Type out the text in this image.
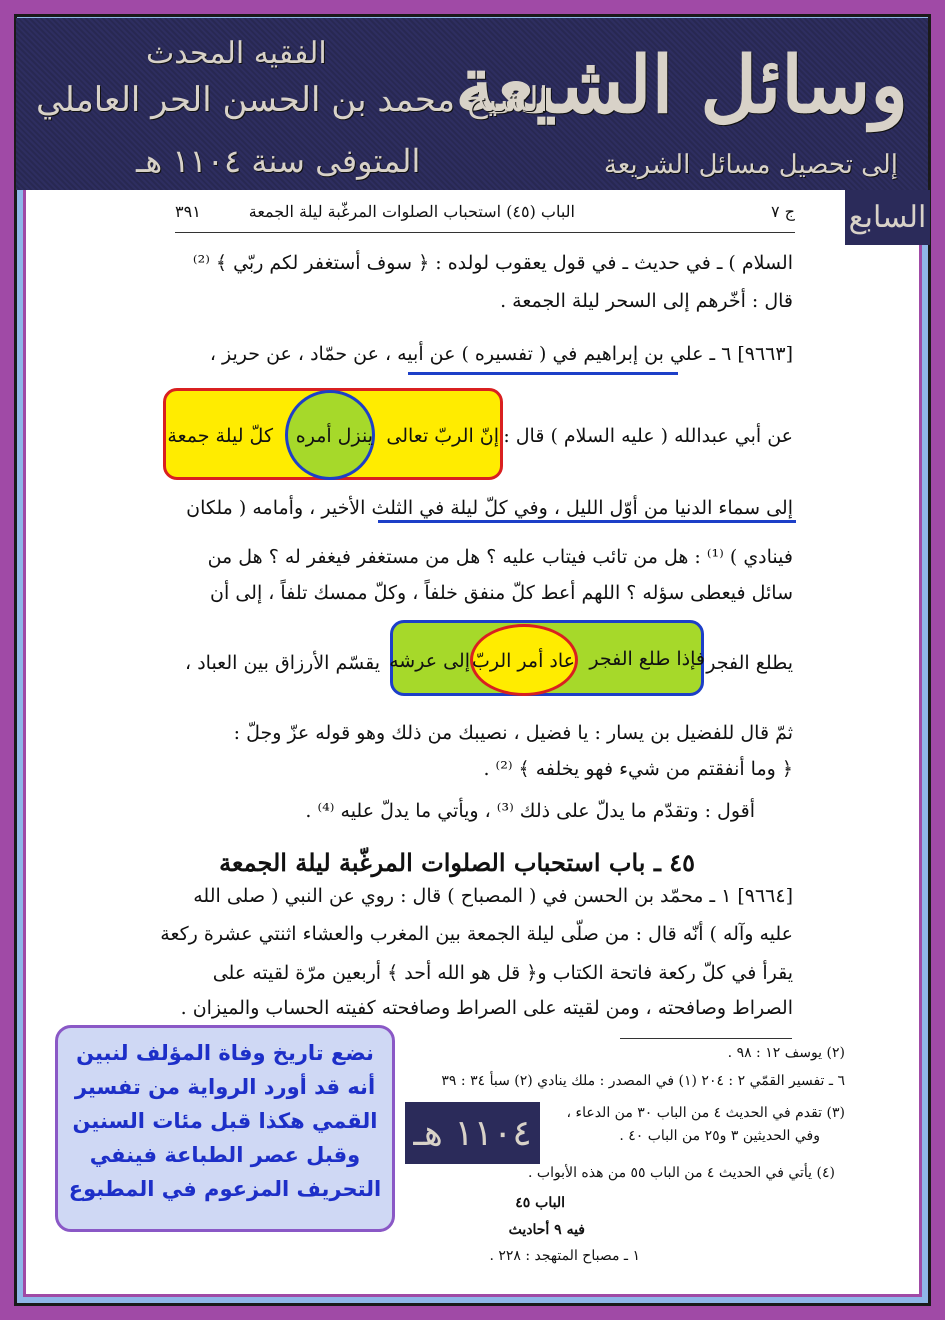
وسائل الشيعة
إلى تحصيل مسائل الشريعة
الفقيه المحدث
الشيخ محمد بن الحسن الحر العاملي
المتوفى سنة ١١٠٤ هـ
السابع
ج ٧
الباب (٤٥) استحباب الصلوات المرغّبة ليلة الجمعة
٣٩١
السلام ) ـ في حديث ـ في قول يعقوب لولده : ﴿ سوف أستغفر لكم ربّي ﴾ ⁽²⁾
قال : أخّرهم إلى السحر ليلة الجمعة .
[٩٦٦٣] ٦ ـ علي بن إبراهيم في ( تفسيره ) عن أبيه ، عن حمّاد ، عن حريز ،
عن أبي عبدالله ( عليه السلام ) قال :
إنّ الربّ تعالى
ينزل أمره
كلّ ليلة جمعة
إلى سماء الدنيا من أوّل الليل ، وفي كلّ ليلة في الثلث الأخير ، وأمامه ( ملكان
فينادي ) ⁽¹⁾ : هل من تائب فيتاب عليه ؟ هل من مستغفر فيغفر له ؟ هل من
سائل فيعطى سؤله ؟ اللهم أعط كلّ منفق خلفاً ، وكلّ ممسك تلفاً ، إلى أن
يطلع الفجر
فإذا طلع الفجر
عاد أمر الربّ
إلى عرشه
يقسّم الأرزاق بين العباد ،
ثمّ قال للفضيل بن يسار : يا فضيل ، نصيبك من ذلك وهو قوله عزّ وجلّ :
﴿ وما أنفقتم من شيء فهو يخلفه ﴾ ⁽²⁾ .
أقول : وتقدّم ما يدلّ على ذلك ⁽³⁾ ، ويأتي ما يدلّ عليه ⁽⁴⁾ .
٤٥ ـ باب استحباب الصلوات المرغّبة ليلة الجمعة
[٩٦٦٤] ١ ـ محمّد بن الحسن في ( المصباح ) قال : روي عن النبي ( صلى الله
عليه وآله ) أنّه قال : من صلّى ليلة الجمعة بين المغرب والعشاء اثنتي عشرة ركعة
يقرأ في كلّ ركعة فاتحة الكتاب و﴿ قل هو الله أحد ﴾ أربعين مرّة لقيته على
الصراط وصافحته ، ومن لقيته على الصراط وصافحته كفيته الحساب والميزان .
(٢) يوسف ١٢ : ٩٨ .
٦ ـ تفسير القمّي ٢ : ٢٠٤ (١) في المصدر : ملك ينادي (٢) سبأ ٣٤ : ٣٩
(٣) تقدم في الحديث ٤ من الباب ٣٠ من الدعاء ،
وفي الحديثين ٣ و٢٥ من الباب ٤٠ .
(٤) يأتي في الحديث ٤ من الباب ٥٥ من هذه الأبواب .
الباب ٤٥
فيه ٩ أحاديث
١ ـ مصباح المتهجد : ٢٢٨ .
١١٠٤ هـ
نضع تاريخ وفاة المؤلف لنبين
أنه قد أورد الرواية من تفسير
القمي هكذا قبل مئات السنين
وقبل عصر الطباعة فينفي
التحريف المزعوم في المطبوع
